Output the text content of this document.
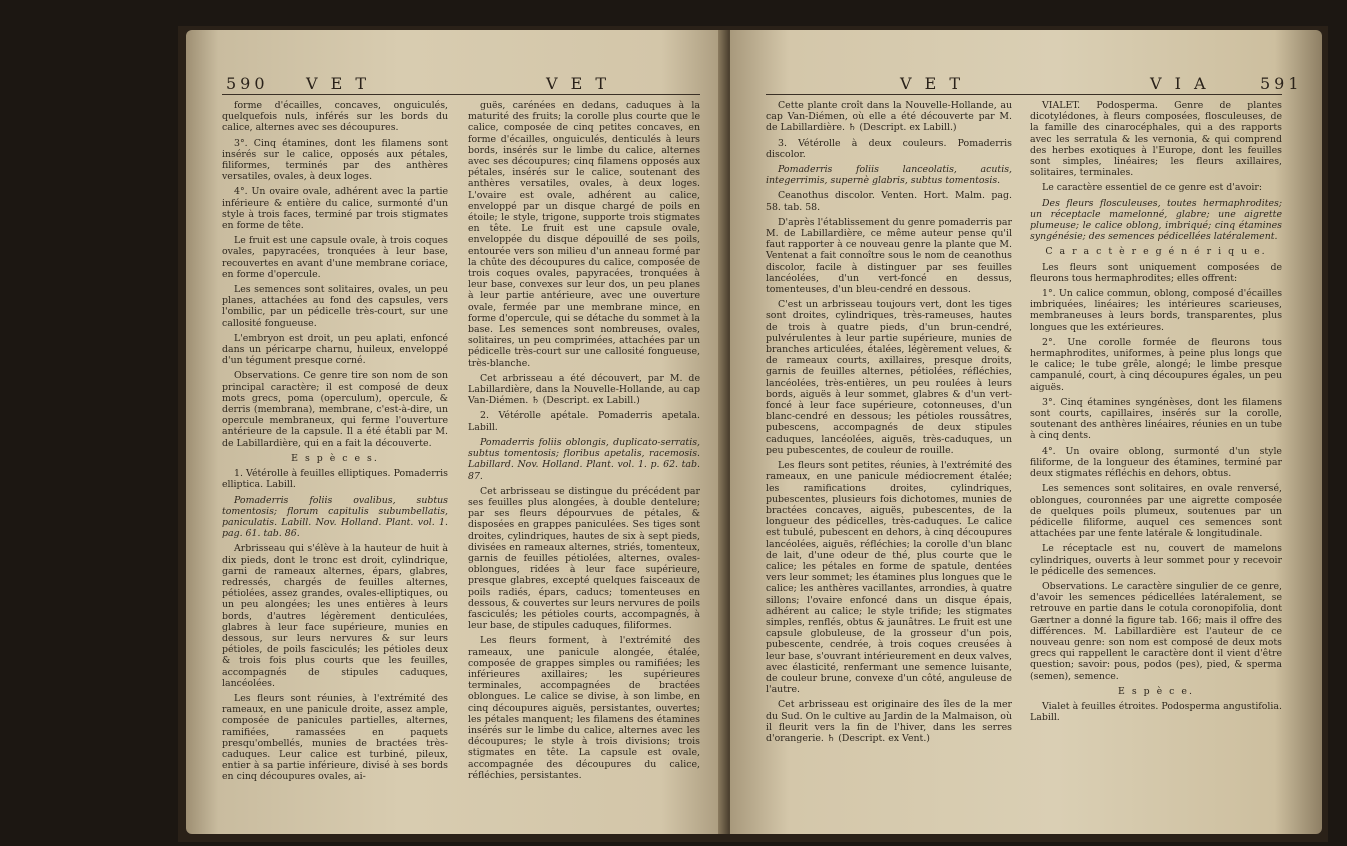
590 V E T	V E T

forme d'écailles, concaves, onguiculés, quelquefois nuls, inférés sur les bords du calice, alternes avec ses découpures.

3°. Cinq étamines, dont les filamens sont insérés sur le calice, opposés aux pétales, filiformes, terminés par des anthères versatiles, ovales, à deux loges.

4°. Un ovaire ovale, adhérent avec la partie inférieure & entière du calice, surmonté d'un style à trois faces, terminé par trois stigmates en forme de tête.

Le fruit est une capsule ovale, à trois coques ovales, papyracées, tronquées à leur base, recouvertes en avant d'une membrane coriace, en forme d'opercule.

Les semences sont solitaires, ovales, un peu planes, attachées au fond des capsules, vers l'ombilic, par un pédicelle très-court, sur une callosité fongueuse.

L'embryon est droit, un peu aplati, enfoncé dans un péricarpe charnu, huileux, enveloppé d'un tégument presque corné.

Observations. Ce genre tire son nom de son principal caractère; il est composé de deux mots grecs, poma (operculum), opercule, & derris (membrana), membrane, c'est-à-dire, un opercule membraneux, qui ferme l'ouverture antérieure de la capsule. Il a été établi par M. de Labillardière, qui en a fait la découverte.

E s p è c e s.

1. Vétérolle à feuilles elliptiques. Pomaderris elliptica. Labill.

Pomaderris foliis ovalibus, subtus tomentosis; florum capitulis subumbellatis, paniculatis. Labill. Nov. Holland. Plant. vol. 1. pag. 61. tab. 86.

Arbrisseau qui s'élève à la hauteur de huit à dix pieds, dont le tronc est droit, cylindrique, garni de rameaux alternes, épars, glabres, redressés, chargés de feuilles alternes, pétiolées, assez grandes, ovales-elliptiques, ou un peu alongées; les unes entières à leurs bords, d'autres légèrement denticulées, glabres à leur face supérieure, munies en dessous, sur leurs nervures & sur leurs pétioles, de poils fasciculés; les pétioles deux & trois fois plus courts que les feuilles, accompagnés de stipules caduques, lancéolées.

Les fleurs sont réunies, à l'extrémité des rameaux, en une panicule droite, assez ample, composée de panicules partielles, alternes, ramifiées, ramassées en paquets presqu'ombellés, munies de bractées très-caduques. Leur calice est turbiné, pileux, entier à sa partie inférieure, divisé à ses bords en cinq découpures ovales, ai-

guës, carénées en dedans, caduques à la maturité des fruits; la corolle plus courte que le calice, composée de cinq petites concaves, en forme d'écailles, onguiculés, denticulés à leurs bords, insérés sur le limbe du calice, alternes avec ses découpures; cinq filamens opposés aux pétales, insérés sur le calice, soutenant des anthères versatiles, ovales, à deux loges. L'ovaire est ovale, adhérent au calice, enveloppé par un disque chargé de poils en étoile; le style, trigone, supporte trois stigmates en tête. Le fruit est une capsule ovale, enveloppée du disque dépouillé de ses poils, entourée vers son milieu d'un anneau formé par la chûte des découpures du calice, composée de trois coques ovales, papyracées, tronquées à leur base, convexes sur leur dos, un peu planes à leur partie antérieure, avec une ouverture ovale, fermée par une membrane mince, en forme d'opercule, qui se détache du sommet à la base. Les semences sont nombreuses, ovales, solitaires, un peu comprimées, attachées par un pédicelle très-court sur une callosité fongueuse, très-blanche.

Cet arbrisseau a été découvert, par M. de Labillardière, dans la Nouvelle-Hollande, au cap Van-Diémen. ♄ (Descript. ex Labill.)

2. Vétérolle apétale. Pomaderris apetala. Labill.

Pomaderris foliis oblongis, duplicato-serratis, subtus tomentosis; floribus apetalis, racemosis. Labillard. Nov. Holland. Plant. vol. 1. p. 62. tab. 87.

Cet arbrisseau se distingue du précédent par ses feuilles plus alongées, à double dentelure; par ses fleurs dépourvues de pétales, & disposées en grappes paniculées. Ses tiges sont droites, cylindriques, hautes de six à sept pieds, divisées en rameaux alternes, striés, tomenteux, garnis de feuilles pétiolées, alternes, ovales-oblongues, ridées à leur face supérieure, presque glabres, excepté quelques faisceaux de poils radiés, épars, caducs; tomenteuses en dessous, & couvertes sur leurs nervures de poils fasciculés; les pétioles courts, accompagnés, à leur base, de stipules caduques, filiformes.

Les fleurs forment, à l'extrémité des rameaux, une panicule alongée, étalée, composée de grappes simples ou ramifiées; les inférieures axillaires; les supérieures terminales, accompagnées de bractées oblongues. Le calice se divise, à son limbe, en cinq découpures aiguës, persistantes, ouvertes; les pétales manquent; les filamens des étamines insérés sur le limbe du calice, alternes avec les découpures; le style à trois divisions; trois stigmates en tête. La capsule est ovale, accompagnée des découpures du calice, réfléchies, persistantes.

V E T	V I A	591

Cette plante croît dans la Nouvelle-Hollande, au cap Van-Diémen, où elle a été découverte par M. de Labillardière. ♄ (Descript. ex Labill.)

3. Vétérolle à deux couleurs. Pomaderris discolor.

Pomaderris foliis lanceolatis, acutis, integerrimis, supernè glabris, subtus tomentosis.

Ceanothus discolor. Venten. Hort. Malm. pag. 58. tab. 58.

D'après l'établissement du genre pomaderris par M. de Labillardière, ce même auteur pense qu'il faut rapporter à ce nouveau genre la plante que M. Ventenat a fait connoître sous le nom de ceanothus discolor, facile à distinguer par ses feuilles lancéolées, d'un vert-foncé en dessus, tomenteuses, d'un bleu-cendré en dessous.

C'est un arbrisseau toujours vert, dont les tiges sont droites, cylindriques, très-rameuses, hautes de trois à quatre pieds, d'un brun-cendré, pulvérulentes à leur partie supérieure, munies de branches articulées, étalées, légèrement velues, & de rameaux courts, axillaires, presque droits, garnis de feuilles alternes, pétiolées, réfléchies, lancéolées, très-entières, un peu roulées à leurs bords, aiguës à leur sommet, glabres & d'un vert-foncé à leur face supérieure, cotonneuses, d'un blanc-cendré en dessous; les pétioles roussâtres, pubescens, accompagnés de deux stipules caduques, lancéolées, aiguës, très-caduques, un peu pubescentes, de couleur de rouille.

Les fleurs sont petites, réunies, à l'extrémité des rameaux, en une panicule médiocrement étalée; les ramifications droites, cylindriques, pubescentes, plusieurs fois dichotomes, munies de bractées concaves, aiguës, pubescentes, de la longueur des pédicelles, très-caduques. Le calice est tubulé, pubescent en dehors, à cinq découpures lancéolées, aiguës, réfléchies; la corolle d'un blanc de lait, d'une odeur de thé, plus courte que le calice; les pétales en forme de spatule, dentées vers leur sommet; les étamines plus longues que le calice; les anthères vacillantes, arrondies, à quatre sillons; l'ovaire enfoncé dans un disque épais, adhérent au calice; le style trifide; les stigmates simples, renflés, obtus & jaunâtres. Le fruit est une capsule globuleuse, de la grosseur d'un pois, pubescente, cendrée, à trois coques creusées à leur base, s'ouvrant intérieurement en deux valves, avec élasticité, renfermant une semence luisante, de couleur brune, convexe d'un côté, anguleuse de l'autre.

Cet arbrisseau est originaire des îles de la mer du Sud. On le cultive au Jardin de la Malmaison, où il fleurit vers la fin de l'hiver, dans les serres d'orangerie. ♄ (Descript. ex Vent.)

VIALET. Podosperma. Genre de plantes dicotylédones, à fleurs composées, flosculeuses, de la famille des cinarocéphales, qui a des rapports avec les serratula & les vernonia, & qui comprend des herbes exotiques à l'Europe, dont les feuilles sont simples, linéaires; les fleurs axillaires, solitaires, terminales.

Le caractère essentiel de ce genre est d'avoir:

Des fleurs flosculeuses, toutes hermaphrodites; un réceptacle mamelonné, glabre; une aigrette plumeuse; le calice oblong, imbriqué; cinq étamines syngénésie; des semences pédicellées latéralement.

C a r a c t è r e g é n é r i q u e.

Les fleurs sont uniquement composées de fleurons tous hermaphrodites; elles offrent:

1°. Un calice commun, oblong, composé d'écailles imbriquées, linéaires; les intérieures scarieuses, membraneuses à leurs bords, transparentes, plus longues que les extérieures.

2°. Une corolle formée de fleurons tous hermaphrodites, uniformes, à peine plus longs que le calice; le tube grêle, alongé; le limbe presque campanulé, court, à cinq découpures égales, un peu aiguës.

3°. Cinq étamines syngénèses, dont les filamens sont courts, capillaires, insérés sur la corolle, soutenant des anthères linéaires, réunies en un tube à cinq dents.

4°. Un ovaire oblong, surmonté d'un style filiforme, de la longueur des étamines, terminé par deux stigmates réfléchis en dehors, obtus.

Les semences sont solitaires, en ovale renversé, oblongues, couronnées par une aigrette composée de quelques poils plumeux, soutenues par un pédicelle filiforme, auquel ces semences sont attachées par une fente latérale & longitudinale.

Le réceptacle est nu, couvert de mamelons cylindriques, ouverts à leur sommet pour y recevoir le pédicelle des semences.

Observations. Le caractère singulier de ce genre, d'avoir les semences pédicellées latéralement, se retrouve en partie dans le cotula coronopifolia, dont Gærtner a donné la figure tab. 166; mais il offre des différences. M. Labillardière est l'auteur de ce nouveau genre: son nom est composé de deux mots grecs qui rappellent le caractère dont il vient d'être question; savoir: pous, podos (pes), pied, & sperma (semen), semence.

E s p è c e.

Vialet à feuilles étroites. Podosperma angustifolia. Labill.
